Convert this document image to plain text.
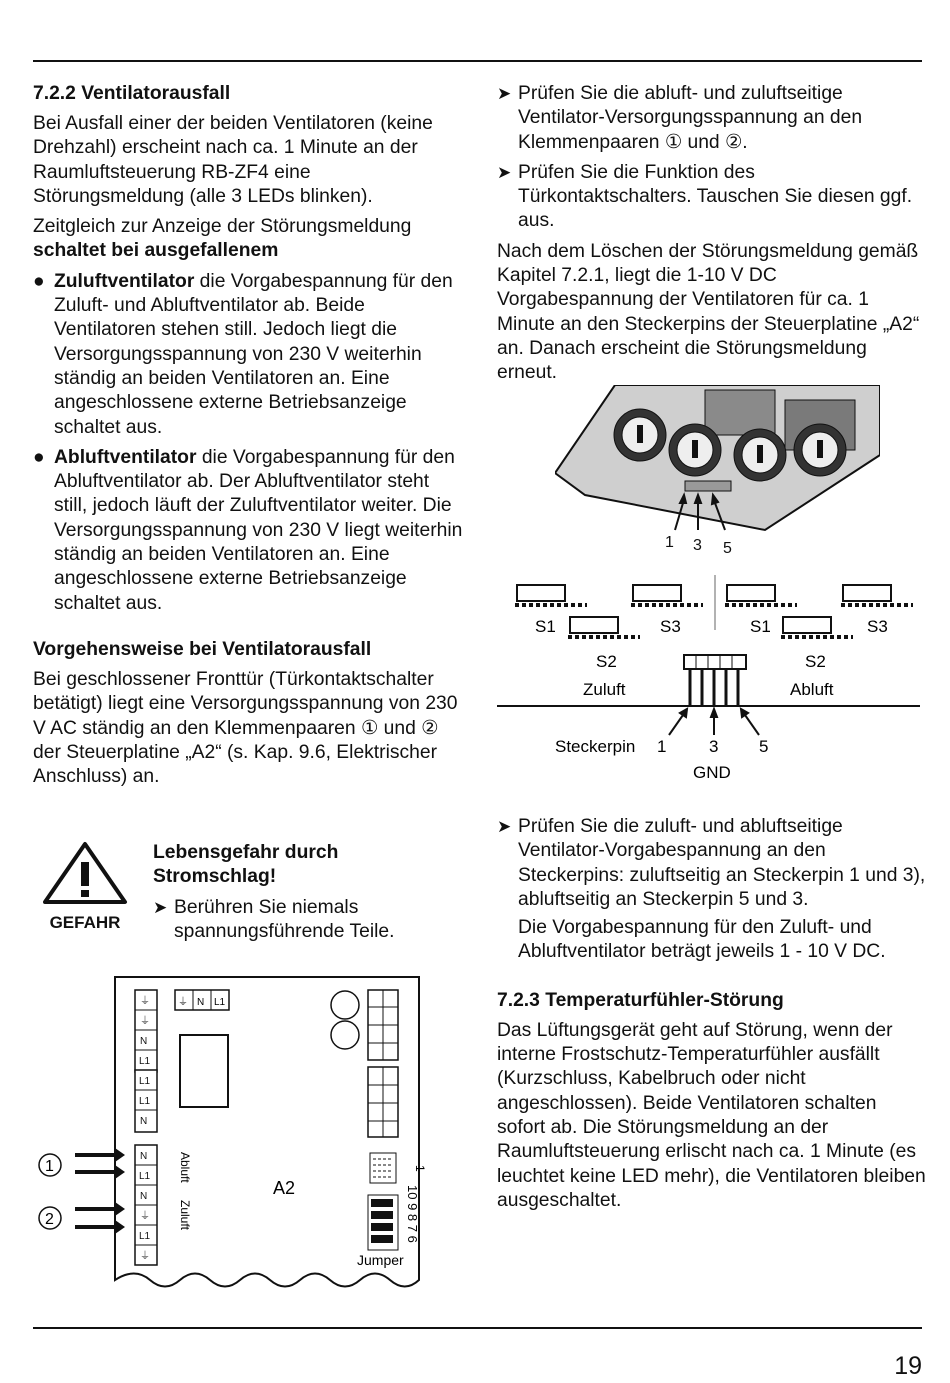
7.2.2 Ventilatorausfall

Bei Ausfall einer der beiden Ventilatoren (keine Drehzahl) erscheint nach ca. 1 Minute an der Raumluftsteuerung RB-ZF4 eine Störungsmeldung (alle 3 LEDs blinken).

Zeitgleich zur Anzeige der Störungsmeldung schaltet bei ausgefallenem

● Zuluftventilator die Vorgabespannung für den Zuluft- und Abluftventilator ab. Beide Ventilatoren stehen still. Jedoch liegt die Versorgungsspannung von 230 V weiterhin ständig an beiden Ventilatoren an. Eine angeschlossene externe Betriebsanzeige schaltet aus.
● Abluftventilator die Vorgabespannung für den Abluftventilator ab. Der Abluftventilator steht still, jedoch läuft der Zuluftventilator weiter. Die Versorgungsspannung von 230 V liegt weiterhin ständig an beiden Ventilatoren an. Eine angeschlossene externe Betriebsanzeige schaltet aus.
Vorgehensweise bei Ventilatorausfall

Bei geschlossener Fronttür (Türkontaktschalter betätigt) liegt eine Versorgungsspannung von 230 V AC ständig an den Klemmenpaaren ① und ② der Steuerplatine „A2“ (s. Kap. 9.6, Elektrischer Anschluss) an.

GEFAHR

Lebensgefahr durch Stromschlag!

➤ Berühren Sie niemals spannungsführende Teile.
⏚
⏚
N
L1
L1
L1
N
N
L1
N
⏚
L1
⏚
⏚ N L1
Jumper
1
10 9 8 7 6
Abluft
Zuluft
A2
1
2
➤ Prüfen Sie die abluft- und zuluftseitige Ventilator-Versorgungsspannung an den Klemmenpaaren ① und ②.
➤ Prüfen Sie die Funktion des Türkontaktschalters. Tauschen Sie diesen ggf. aus.

Nach dem Löschen der Störungsmeldung gemäß Kapitel 7.2.1, liegt die 1-10 V DC Vorgabespannung der Ventilatoren für ca. 1 Minute an den Steckerpins der Steuerplatine „A2“ an. Danach erscheint die Störungsmeldung erneut.

1 3 5
S1	S3	S1	S3
S2	S2
Zuluft	Abluft
Steckerpin 1	3 5
GND
➤ Prüfen Sie die zuluft- und abluftseitige Ventilator-Vorgabespannung an den Steckerpins: zuluftseitig an Steckerpin 1 und 3), abluftseitig an Steckerpin 5 und 3.

Die Vorgabespannung für den Zuluft- und Abluftventilator beträgt jeweils 1 - 10 V DC.

7.2.3 Temperaturfühler-Störung

Das Lüftungsgerät geht auf Störung, wenn der interne Frostschutz-Temperaturfühler ausfällt (Kurzschluss, Kabelbruch oder nicht angeschlossen). Beide Ventilatoren schalten sofort ab. Die Störungsmeldung an der Raumluftsteuerung erlischt nach ca. 1 Minute (es leuchtet keine LED mehr), die Ventilatoren bleiben ausgeschaltet.

19
